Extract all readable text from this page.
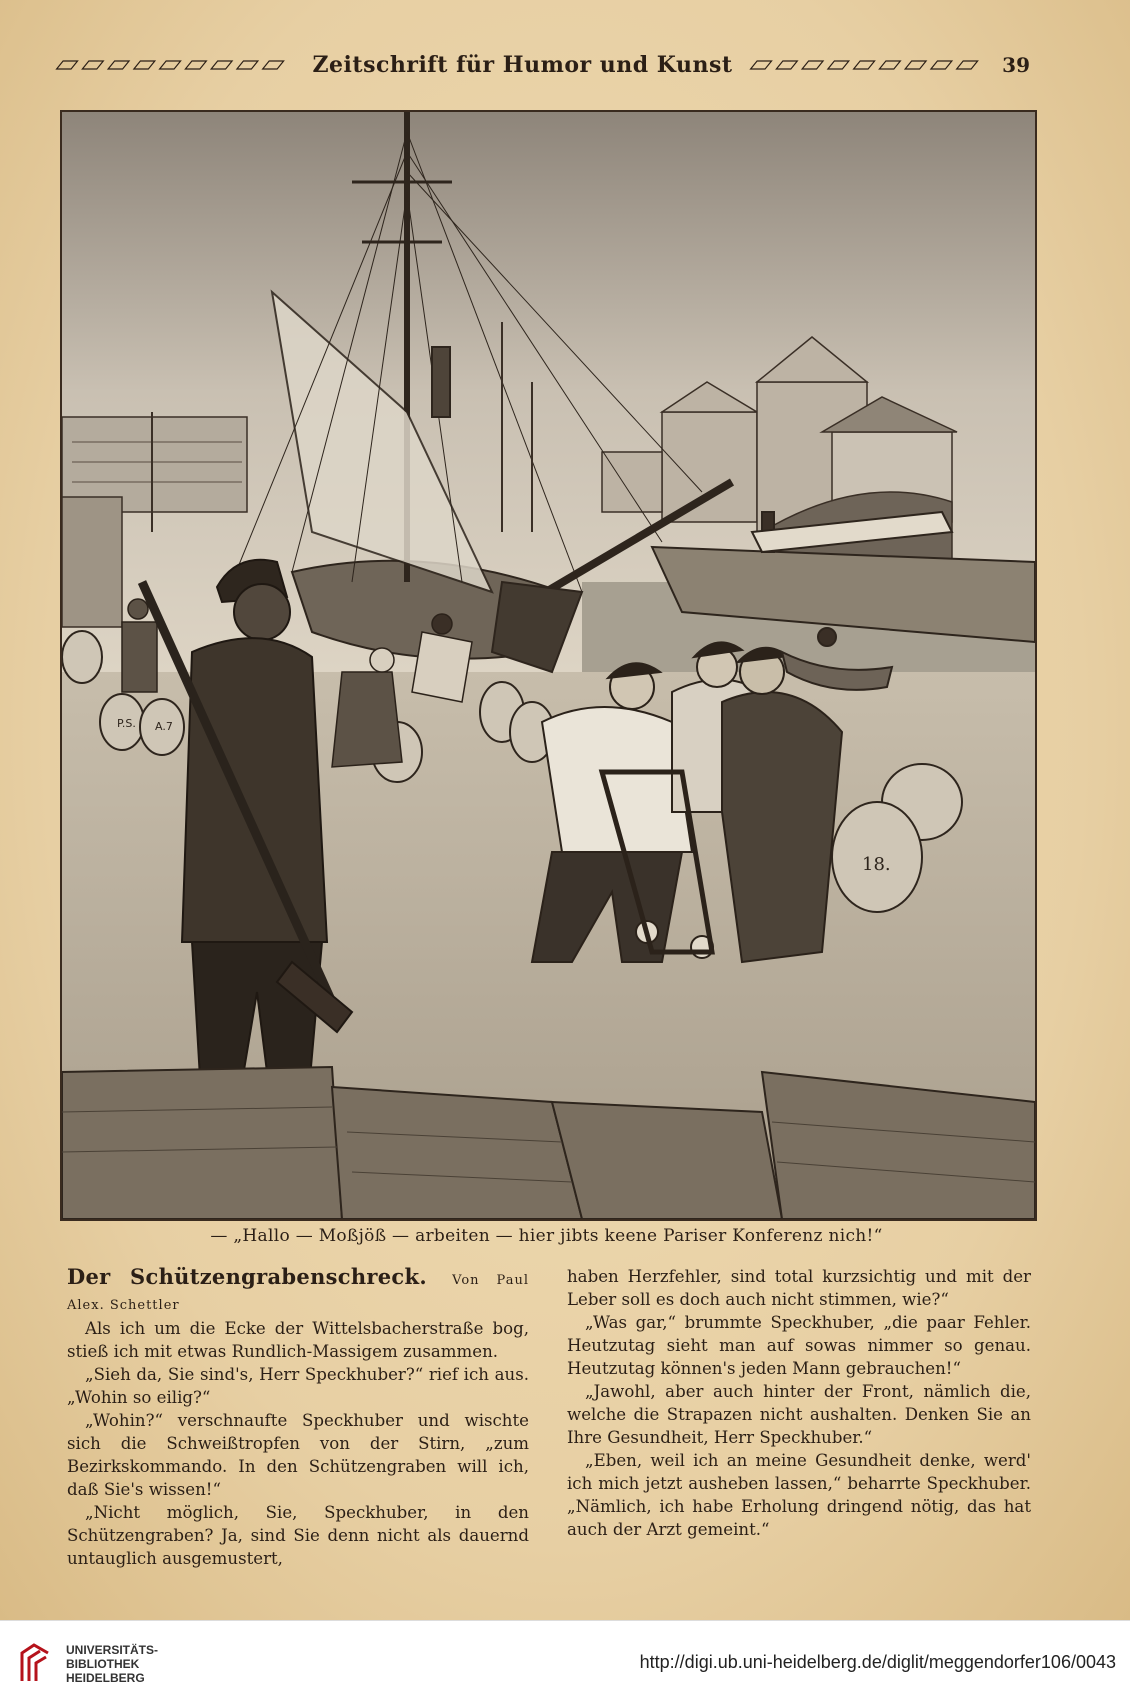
Zeitschrift für Humor und Kunst	39
P.S. A.7
18.
— „Hallo — Moßjöß — arbeiten — hier jibts keene Pariser Konferenz nich!“

Der Schützengrabenschreck. Von Paul Alex. Schettler

Als ich um die Ecke der Wittelsbacherstraße bog, stieß ich mit etwas Rundlich-Massigem zusammen.

„Sieh da, Sie sind's, Herr Speckhuber?“ rief ich aus. „Wohin so eilig?“

„Wohin?“ verschnaufte Speckhuber und wischte sich die Schweißtropfen von der Stirn, „zum Bezirkskommando. In den Schützengraben will ich, daß Sie's wissen!“

„Nicht möglich, Sie, Speckhuber, in den Schützengraben? Ja, sind Sie denn nicht als dauernd untauglich ausgemustert,

haben Herzfehler, sind total kurzsichtig und mit der Leber soll es doch auch nicht stimmen, wie?“

„Was gar,“ brummte Speckhuber, „die paar Fehler. Heutzutag sieht man auf sowas nimmer so genau. Heutzutag können's jeden Mann gebrauchen!“

„Jawohl, aber auch hinter der Front, nämlich die, welche die Strapazen nicht aushalten. Denken Sie an Ihre Gesundheit, Herr Speckhuber.“

„Eben, weil ich an meine Gesundheit denke, werd' ich mich jetzt ausheben lassen,“ beharrte Speckhuber. „Nämlich, ich habe Erholung dringend nötig, das hat auch der Arzt gemeint.“

UNIVERSITÄTS-
BIBLIOTHEK
HEIDELBERG
http://digi.ub.uni-heidelberg.de/diglit/meggendorfer106/0043
